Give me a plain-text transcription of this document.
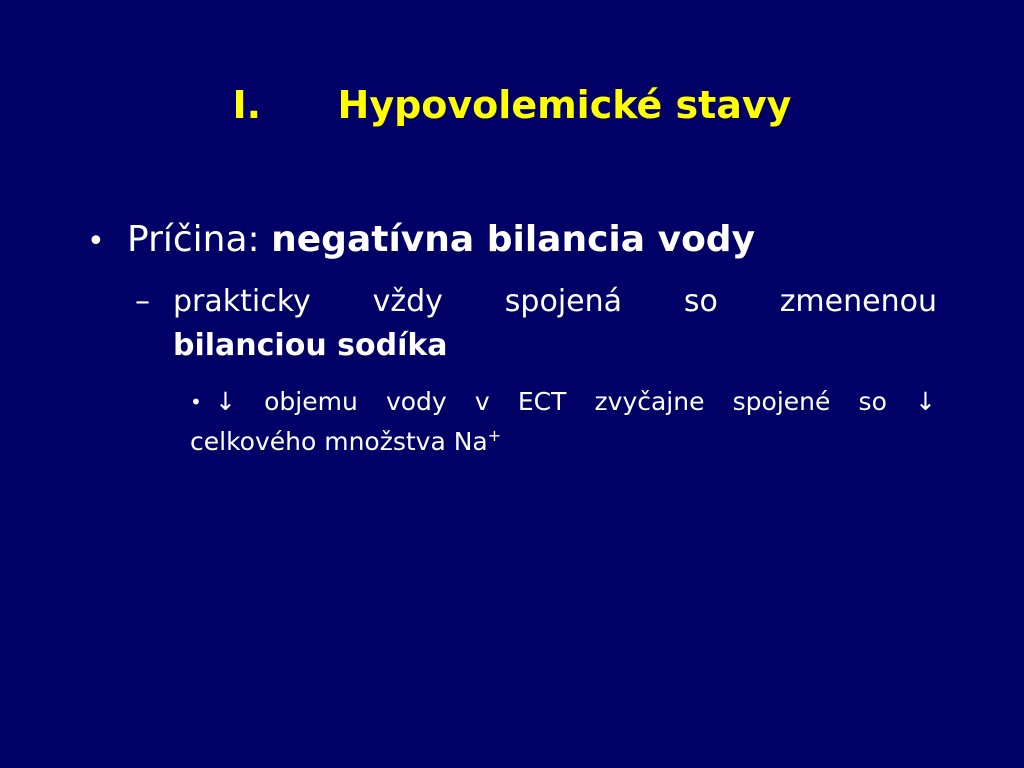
I. Hypovolemické stavy
• Príčina: negatívna bilancia vody
– prakticky vždy spojená so zmenenou
bilanciou sodíka
• ↓ objemu vody v ECT zvyčajne spojené so ↓
celkového množstva Na+
